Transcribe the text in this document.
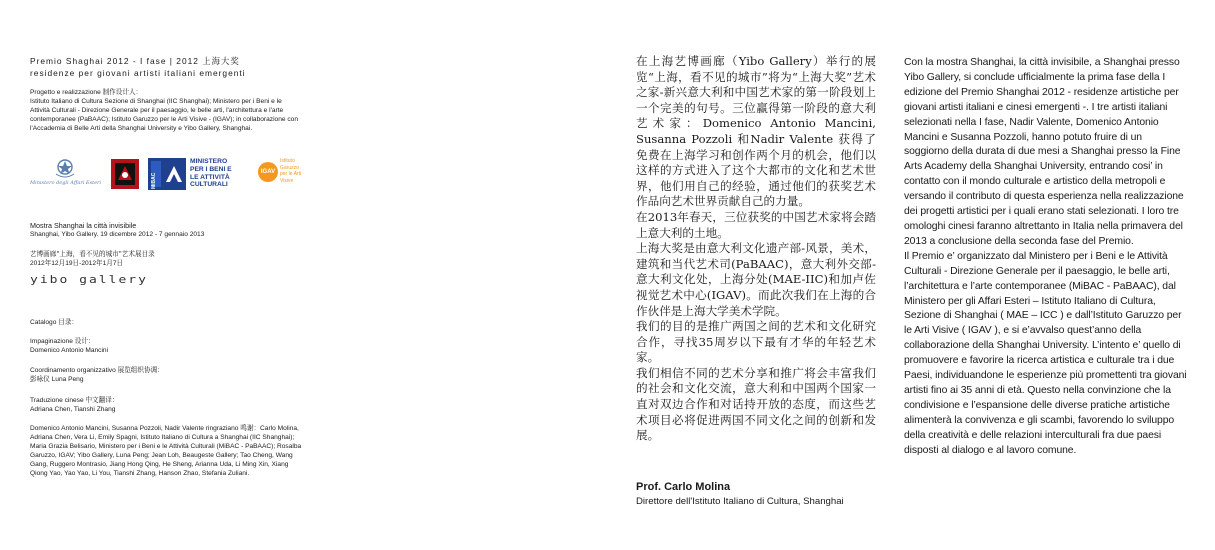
Premio Shaghai 2012 - I fase | 2012 上海大奖
residenze per giovani artisti italiani emergenti
Progetto e realizzazione 制作设计人：
Istituto Italiano di Cultura Sezione di Shanghai (IIC Shanghai); Ministero per i Beni e le Attività Culturali - Direzione Generale per il paesaggio, le belle arti, l'architettura e l'arte contemporanee (PaBAAC); Istituto Garuzzo per le Arti Visive - (IGAV); in collaborazione con l'Accademia di Belle Arti della Shanghai University e Yibo Gallery, Shanghai.
Ministero degli Affari Esteri	MiBAC
MINISTERO
PER I BENI E
LE ATTIVITÀ
CULTURALI
IGAV
Istituto
Garuzzo
per le Arti
Visive
Mostra Shanghai la città invisibile
Shanghai, Yibo Gallery. 19 dicembre 2012 - 7 gennaio 2013
艺博画廊"上海，看不见的城市"艺术展目录
2012年12月19日-2012年1月7日
yibo gallery
Catalogo 目录：
Impaginazione 设计：
Domenico Antonio Mancini
Coordinamento organizzativo 展览组织协调：
彭咏仪 Luna Peng
Traduzione cinese 中文翻译：
Adriana Chen, Tianshi Zhang
Domenico Antonio Mancini, Susanna Pozzoli, Nadir Valente ringraziano 鸣谢：Carlo Molina, Adriana Chen, Vera Li, Emily Spagni, Istituto Italiano di Cultura a Shanghai (IIC Shanghai); Maria Grazia Belisario, Ministero per i Beni e le Attività Culturali (MiBAC - PaBAAC); Rosalba Garuzzo, IGAV; Yibo Gallery, Luna Peng; Jean Loh, Beaugeste Gallery; Tao Cheng, Wang Gang, Ruggero Montrasio, Jiang Hong Qing, He Sheng, Arianna Uda, Li Ming Xin, Xiang Qiong Yao, Yao Yao, Li You, Tianshi Zhang, Hanson Zhao, Stefania Zuliani.

在上海艺博画廊（Yibo Gallery）举行的展览“上海，看不见的城市”将为“上海大奖”艺术之家-新兴意大利和中国艺术家的第一阶段划上一个完美的句号。三位赢得第一阶段的意大利艺术家：Domenico Antonio Mancini, Susanna Pozzoli 和Nadir Valente 获得了免费在上海学习和创作两个月的机会，他们以这样的方式进入了这个大都市的文化和艺术世界，他们用自己的经验，通过他们的获奖艺术作品向艺术世界贡献自己的力量。

在2013年春天，三位获奖的中国艺术家将会踏上意大利的土地。

上海大奖是由意大利文化遗产部-风景，美术，建筑和当代艺术司(PaBAAC)，意大利外交部-意大利文化处，上海分处(MAE-IIC)和加卢佐视觉艺术中心(IGAV)。而此次我们在上海的合作伙伴是上海大学美术学院。

我们的目的是推广两国之间的艺术和文化研究合作，寻找35周岁以下最有才华的年轻艺术家。

我们相信不同的艺术分享和推广将会丰富我们的社会和文化交流，意大利和中国两个国家一直对双边合作和对话持开放的态度，而这些艺术项目必将促进两国不同文化之间的创新和发展。

Prof. Carlo Molina
Direttore dell'Istituto Italiano di Cultura, Shanghai

Con la mostra Shanghai, la città invisibile, a Shanghai presso Yibo Gallery, si conclude ufficialmente la prima fase della I edizione del Premio Shanghai 2012 - residenze artistiche per giovani artisti italiani e cinesi emergenti -. I tre artisti italiani selezionati nella I fase, Nadir Valente, Domenico Antonio Mancini e Susanna Pozzoli, hanno potuto fruire di un soggiorno della durata di due mesi a Shanghai presso la Fine Arts Academy della Shanghai University, entrando cosi’ in contatto con il mondo culturale e artistico della metropoli e versando il contributo di questa esperienza nella realizzazione dei progetti artistici per i quali erano stati selezionati. I loro tre omologhi cinesi faranno altrettanto in Italia nella primavera del 2013 a conclusione della seconda fase del Premio.

Il Premio e’ organizzato dal Ministero per i Beni e le Attività Culturali - Direzione Generale per il paesaggio, le belle arti, l’architettura e l’arte contemporanee (MiBAC - PaBAAC), dal Ministero per gli Affari Esteri – Istituto Italiano di Cultura, Sezione di Shanghai ( MAE – ICC ) e dall’Istituto Garuzzo per le Arti Visive ( IGAV ), e si e’avvalso quest’anno della collaborazione della Shanghai University. L’intento e’ quello di promuovere e favorire la ricerca artistica e culturale tra i due Paesi, individuandone le esperienze più promettenti tra giovani artisti fino ai 35 anni di età. Questo nella convinzione che la condivisione e l’espansione delle diverse pratiche artistiche alimenterà la convivenza e gli scambi, favorendo lo sviluppo della creatività e delle relazioni interculturali fra due paesi disposti al dialogo e al lavoro comune.
